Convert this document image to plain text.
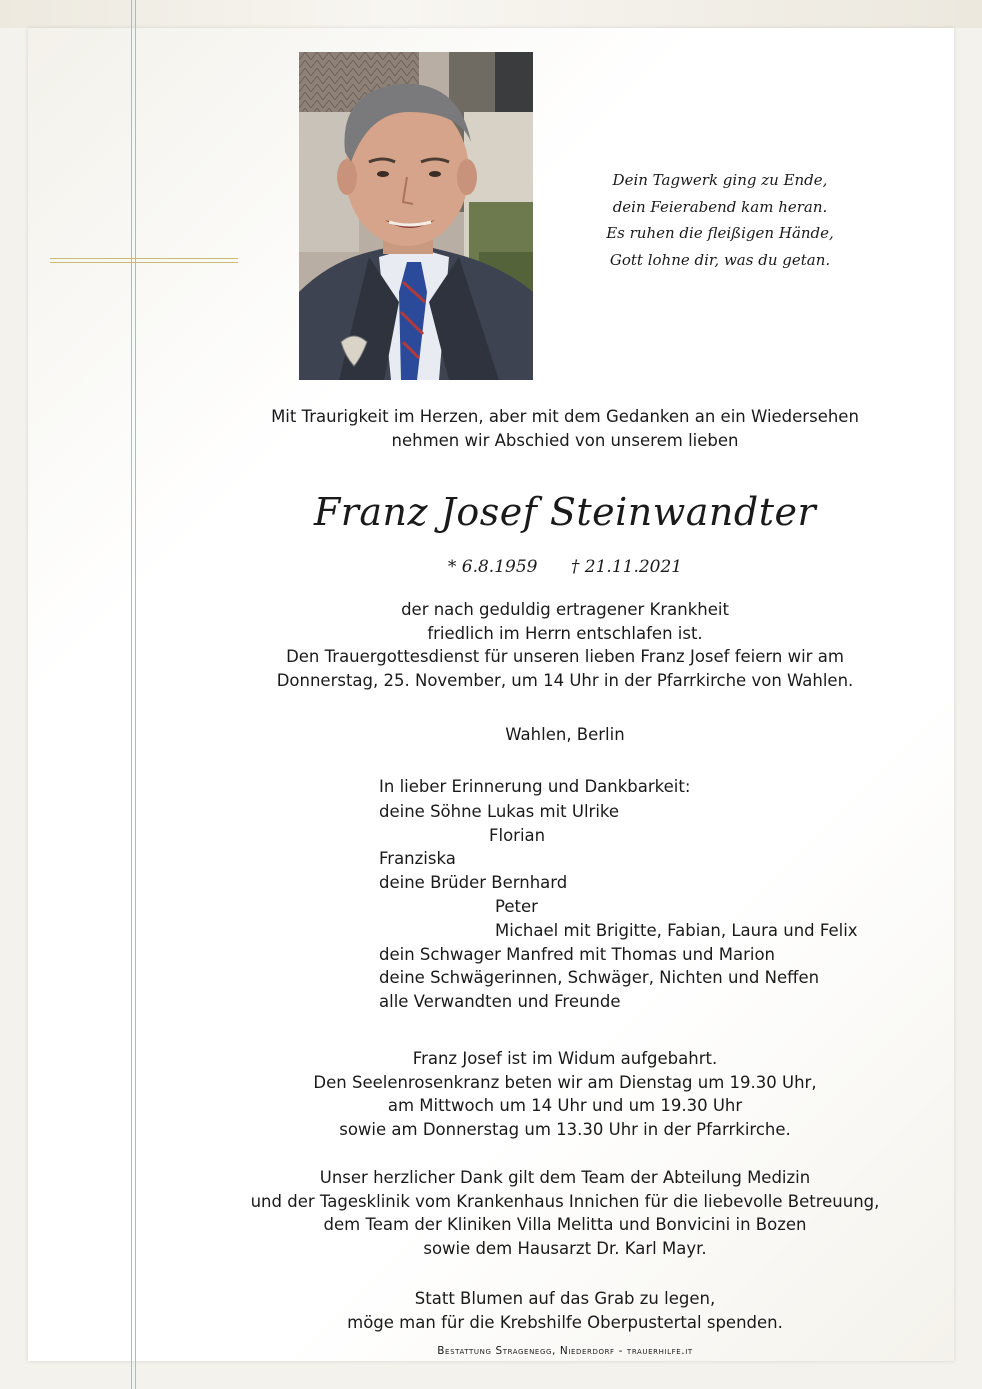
Dein Tagwerk ging zu Ende,
dein Feierabend kam heran.
Es ruhen die fleißigen Hände,
Gott lohne dir, was du getan.
Mit Traurigkeit im Herzen, aber mit dem Gedanken an ein Wiedersehen
nehmen wir Abschied von unserem lieben
Franz Josef Steinwandter
* 6.8.1959 † 21.11.2021
der nach geduldig ertragener Krankheit
friedlich im Herrn entschlafen ist.
Den Trauergottesdienst für unseren lieben Franz Josef feiern wir am
Donnerstag, 25. November, um 14 Uhr in der Pfarrkirche von Wahlen.
Wahlen, Berlin
In lieber Erinnerung und Dankbarkeit:
deine Söhne Lukas mit Ulrike
Florian
Franziska
deine Brüder Bernhard
Peter
Michael mit Brigitte, Fabian, Laura und Felix
dein Schwager Manfred mit Thomas und Marion
deine Schwägerinnen, Schwäger, Nichten und Neffen
alle Verwandten und Freunde
Franz Josef ist im Widum aufgebahrt.
Den Seelenrosenkranz beten wir am Dienstag um 19.30 Uhr,
am Mittwoch um 14 Uhr und um 19.30 Uhr
sowie am Donnerstag um 13.30 Uhr in der Pfarrkirche.
Unser herzlicher Dank gilt dem Team der Abteilung Medizin
und der Tagesklinik vom Krankenhaus Innichen für die liebevolle Betreuung,
dem Team der Kliniken Villa Melitta und Bonvicini in Bozen
sowie dem Hausarzt Dr. Karl Mayr.
Statt Blumen auf das Grab zu legen,
möge man für die Krebshilfe Oberpustertal spenden.
Bestattung Stragenegg, Niederdorf - trauerhilfe.it
